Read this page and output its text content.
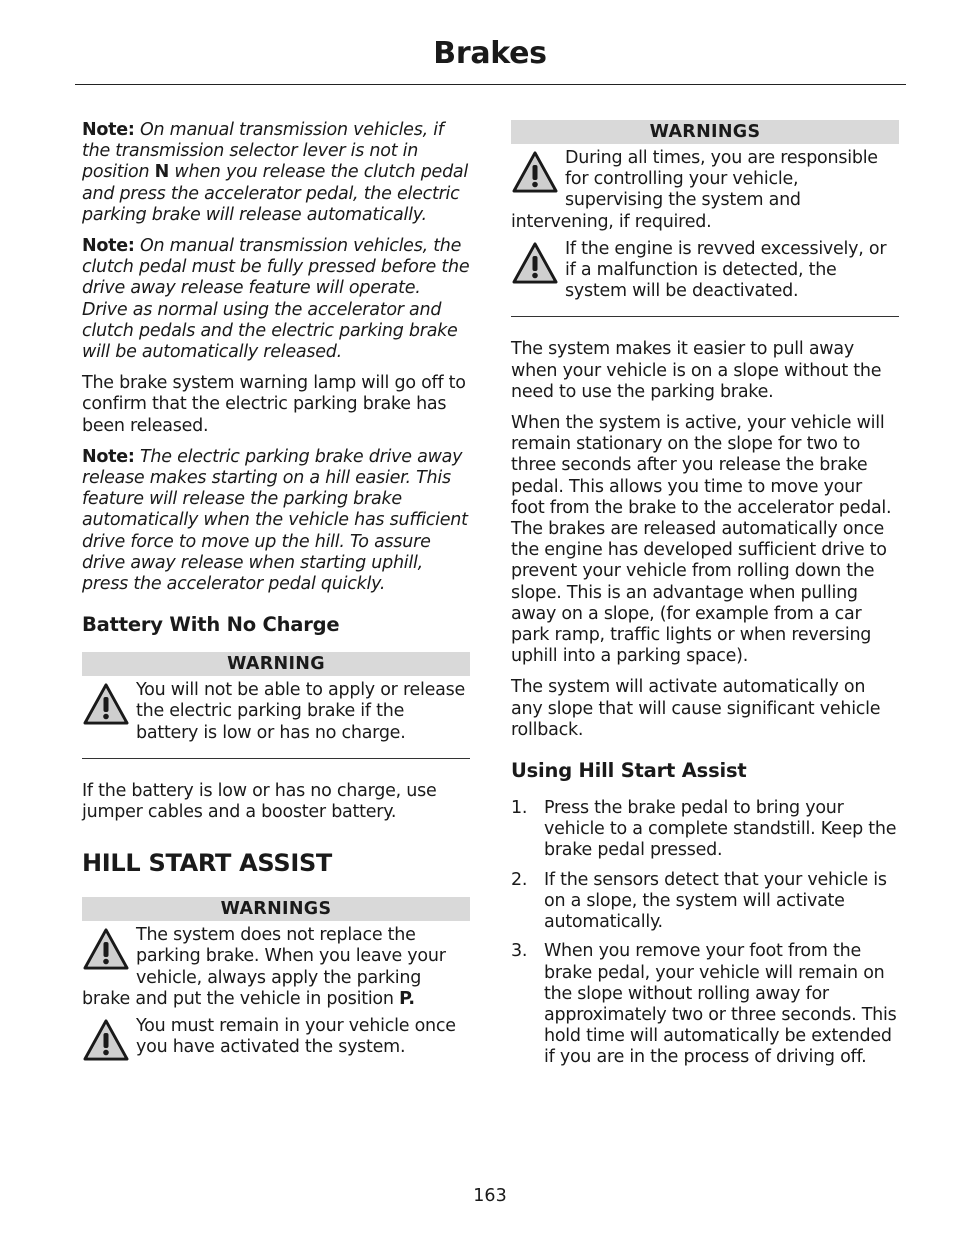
Brakes

Note: On manual transmission vehicles, if the transmission selector lever is not in position N when you release the clutch pedal and press the accelerator pedal, the electric parking brake will release automatically.

Note: On manual transmission vehicles, the clutch pedal must be fully pressed before the drive away release feature will operate. Drive as normal using the accelerator and clutch pedals and the electric parking brake will be automatically released.

The brake system warning lamp will go off to confirm that the electric parking brake has been released.

Note: The electric parking brake drive away release makes starting on a hill easier. This feature will release the parking brake automatically when the vehicle has sufficient drive force to move up the hill. To assure drive away release when starting uphill, press the accelerator pedal quickly.

Battery With No Charge
WARNING
You will not be able to apply or release the electric parking brake if the battery is low or has no charge.

If the battery is low or has no charge, use jumper cables and a booster battery.

HILL START ASSIST
WARNINGS
The system does not replace the parking brake. When you leave your vehicle, always apply the parking brake and put the vehicle in position P.
You must remain in your vehicle once you have activated the system.
WARNINGS
During all times, you are responsible for controlling your vehicle, supervising the system and intervening, if required.
If the engine is revved excessively, or if a malfunction is detected, the system will be deactivated.

The system makes it easier to pull away when your vehicle is on a slope without the need to use the parking brake.

When the system is active, your vehicle will remain stationary on the slope for two to three seconds after you release the brake pedal. This allows you time to move your foot from the brake to the accelerator pedal. The brakes are released automatically once the engine has developed sufficient drive to prevent your vehicle from rolling down the slope. This is an advantage when pulling away on a slope, (for example from a car park ramp, traffic lights or when reversing uphill into a parking space).

The system will activate automatically on any slope that will cause significant vehicle rollback.

Using Hill Start Assist
1. Press the brake pedal to bring your vehicle to a complete standstill. Keep the brake pedal pressed.
2. If the sensors detect that your vehicle is on a slope, the system will activate automatically.
3. When you remove your foot from the brake pedal, your vehicle will remain on the slope without rolling away for approximately two or three seconds. This hold time will automatically be extended if you are in the process of driving off.
163
